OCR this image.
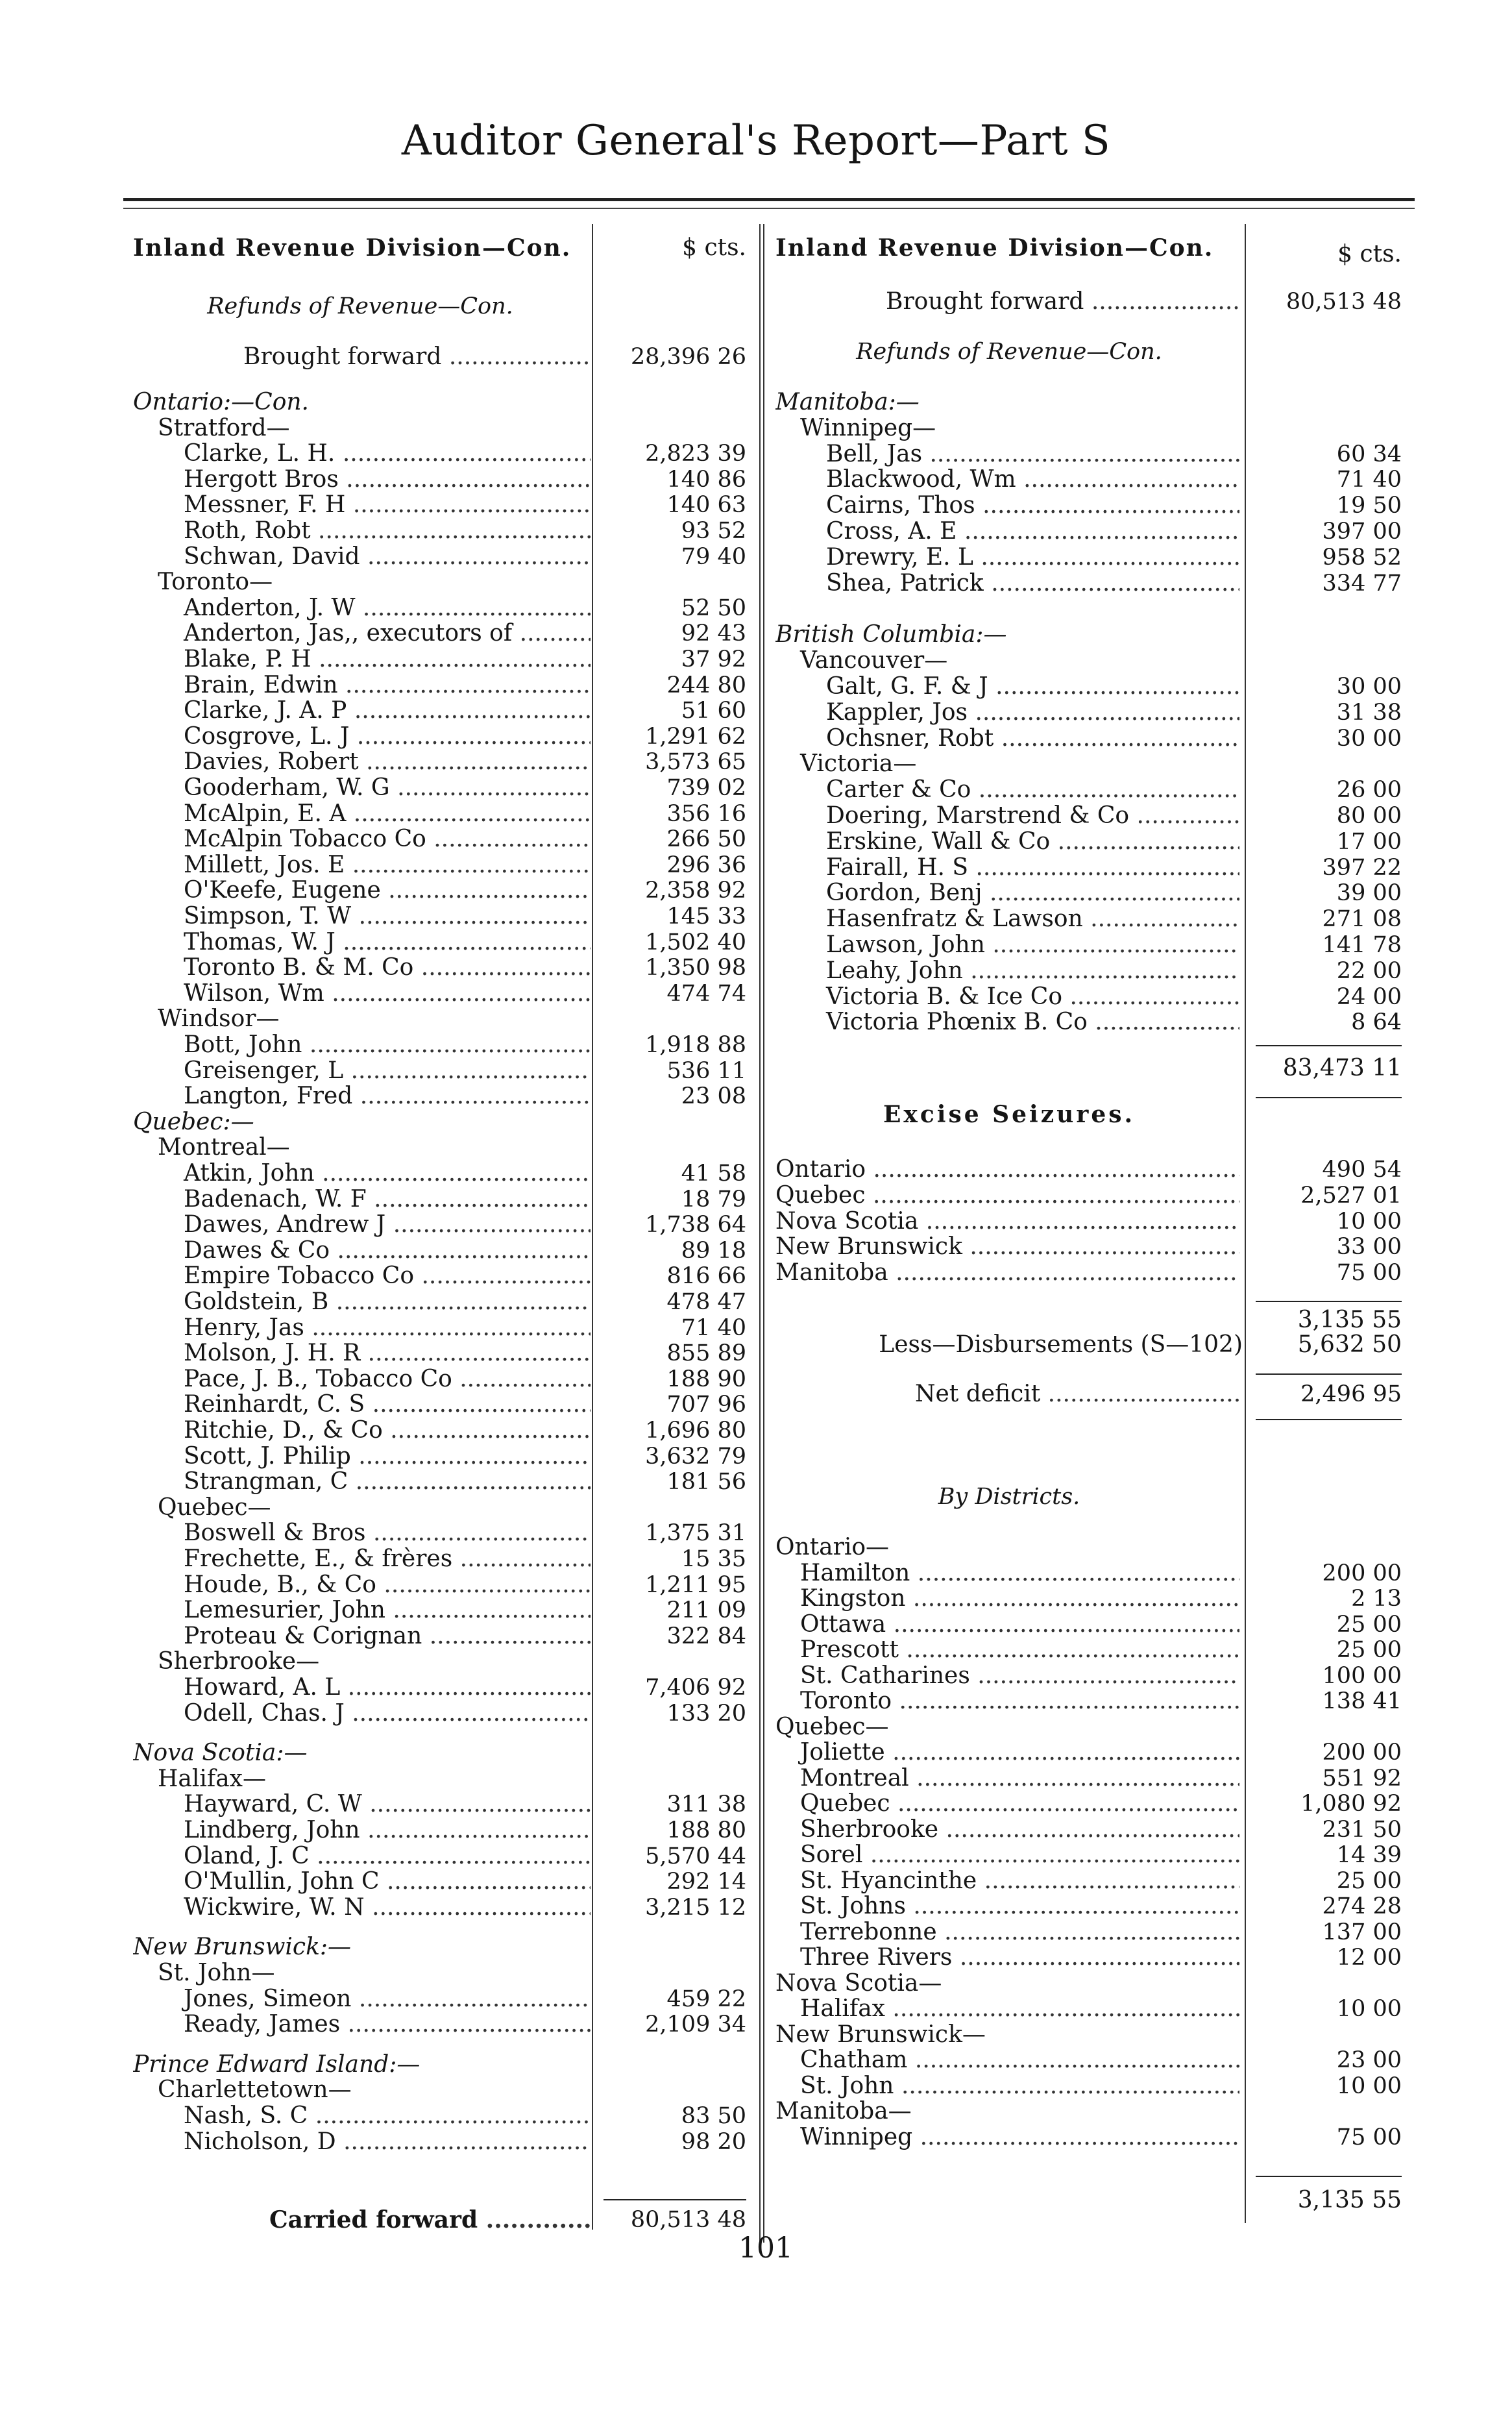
Auditor General's Report—Part S
Inland Revenue Division—Con.	$ cts.
Refunds of Revenue—Con.
Brought forward .....	28,396 26
Ontario:—Con.
Stratford—
Clarke, L. H. .....	2,823 39
Hergott Bros .....	140 86
Messner, F. H .....	140 63
Roth, Robt .....	93 52
Schwan, David .....	79 40
Toronto—
Anderton, J. W .....	52 50
Anderton, Jas,, executors of .....	92 43
Blake, P. H .....	37 92
Brain, Edwin .....	244 80
Clarke, J. A. P .....	51 60
Cosgrove, L. J .....	1,291 62
Davies, Robert .....	3,573 65
Gooderham, W. G .....	739 02
McAlpin, E. A .....	356 16
McAlpin Tobacco Co .....	266 50
Millett, Jos. E .....	296 36
O'Keefe, Eugene .....	2,358 92
Simpson, T. W .....	145 33
Thomas, W. J .....	1,502 40
Toronto B. & M. Co .....	1,350 98
Wilson, Wm .....	474 74
Windsor—
Bott, John .....	1,918 88
Greisenger, L .....	536 11
Langton, Fred .....	23 08
Quebec:—
Montreal—
Atkin, John .....	41 58
Badenach, W. F .....	18 79
Dawes, Andrew J .....	1,738 64
Dawes & Co .....	89 18
Empire Tobacco Co .....	816 66
Goldstein, B .....	478 47
Henry, Jas .....	71 40
Molson, J. H. R .....	855 89
Pace, J. B., Tobacco Co .....	188 90
Reinhardt, C. S .....	707 96
Ritchie, D., & Co .....	1,696 80
Scott, J. Philip .....	3,632 79
Strangman, C .....	181 56
Quebec—
Boswell & Bros .....	1,375 31
Frechette, E., & frères .....	15 35
Houde, B., & Co .....	1,211 95
Lemesurier, John .....	211 09
Proteau & Corignan .....	322 84
Sherbrooke—
Howard, A. L .....	7,406 92
Odell, Chas. J .....	133 20
Nova Scotia:—
Halifax—
Hayward, C. W .....	311 38
Lindberg, John .....	188 80
Oland, J. C .....	5,570 44
O'Mullin, John C .....	292 14
Wickwire, W. N .....	3,215 12
New Brunswick:—
St. John—
Jones, Simeon .....	459 22
Ready, James .....	2,109 34
Prince Edward Island:—
Charlettetown—
Nash, S. C .....	83 50
Nicholson, D .....	98 20
Carried forward .....	80,513 48
Inland Revenue Division—Con.	$ cts.
Brought forward .....	80,513 48
Refunds of Revenue—Con.
Manitoba:—
Winnipeg—
Bell, Jas .....	60 34
Blackwood, Wm .....	71 40
Cairns, Thos .....	19 50
Cross, A. E .....	397 00
Drewry, E. L .....	958 52
Shea, Patrick .....	334 77
British Columbia:—
Vancouver—
Galt, G. F. & J .....	30 00
Kappler, Jos .....	31 38
Ochsner, Robt .....	30 00
Victoria—
Carter & Co .....	26 00
Doering, Marstrend & Co .....	80 00
Erskine, Wall & Co .....	17 00
Fairall, H. S .....	397 22
Gordon, Benj .....	39 00
Hasenfratz & Lawson .....	271 08
Lawson, John .....	141 78
Leahy, John .....	22 00
Victoria B. & Ice Co .....	24 00
Victoria Phœnix B. Co .....	8 64
83,473 11
Excise Seizures.
Ontario .....	490 54
Quebec .....	2,527 01
Nova Scotia .....	10 00
New Brunswick .....	33 00
Manitoba .....	75 00
3,135 55
Less—Disbursements (S—102)	5,632 50
Net deficit .....	2,496 95
By Districts.
Ontario—
Hamilton .....	200 00
Kingston .....	2 13
Ottawa .....	25 00
Prescott .....	25 00
St. Catharines .....	100 00
Toronto .....	138 41
Quebec—
Joliette .....	200 00
Montreal .....	551 92
Quebec .....	1,080 92
Sherbrooke .....	231 50
Sorel .....	14 39
St. Hyancinthe .....	25 00
St. Johns .....	274 28
Terrebonne .....	137 00
Three Rivers .....	12 00
Nova Scotia—
Halifax .....	10 00
New Brunswick—
Chatham .....	23 00
St. John .....	10 00
Manitoba—
Winnipeg .....	75 00
3,135 55
101
